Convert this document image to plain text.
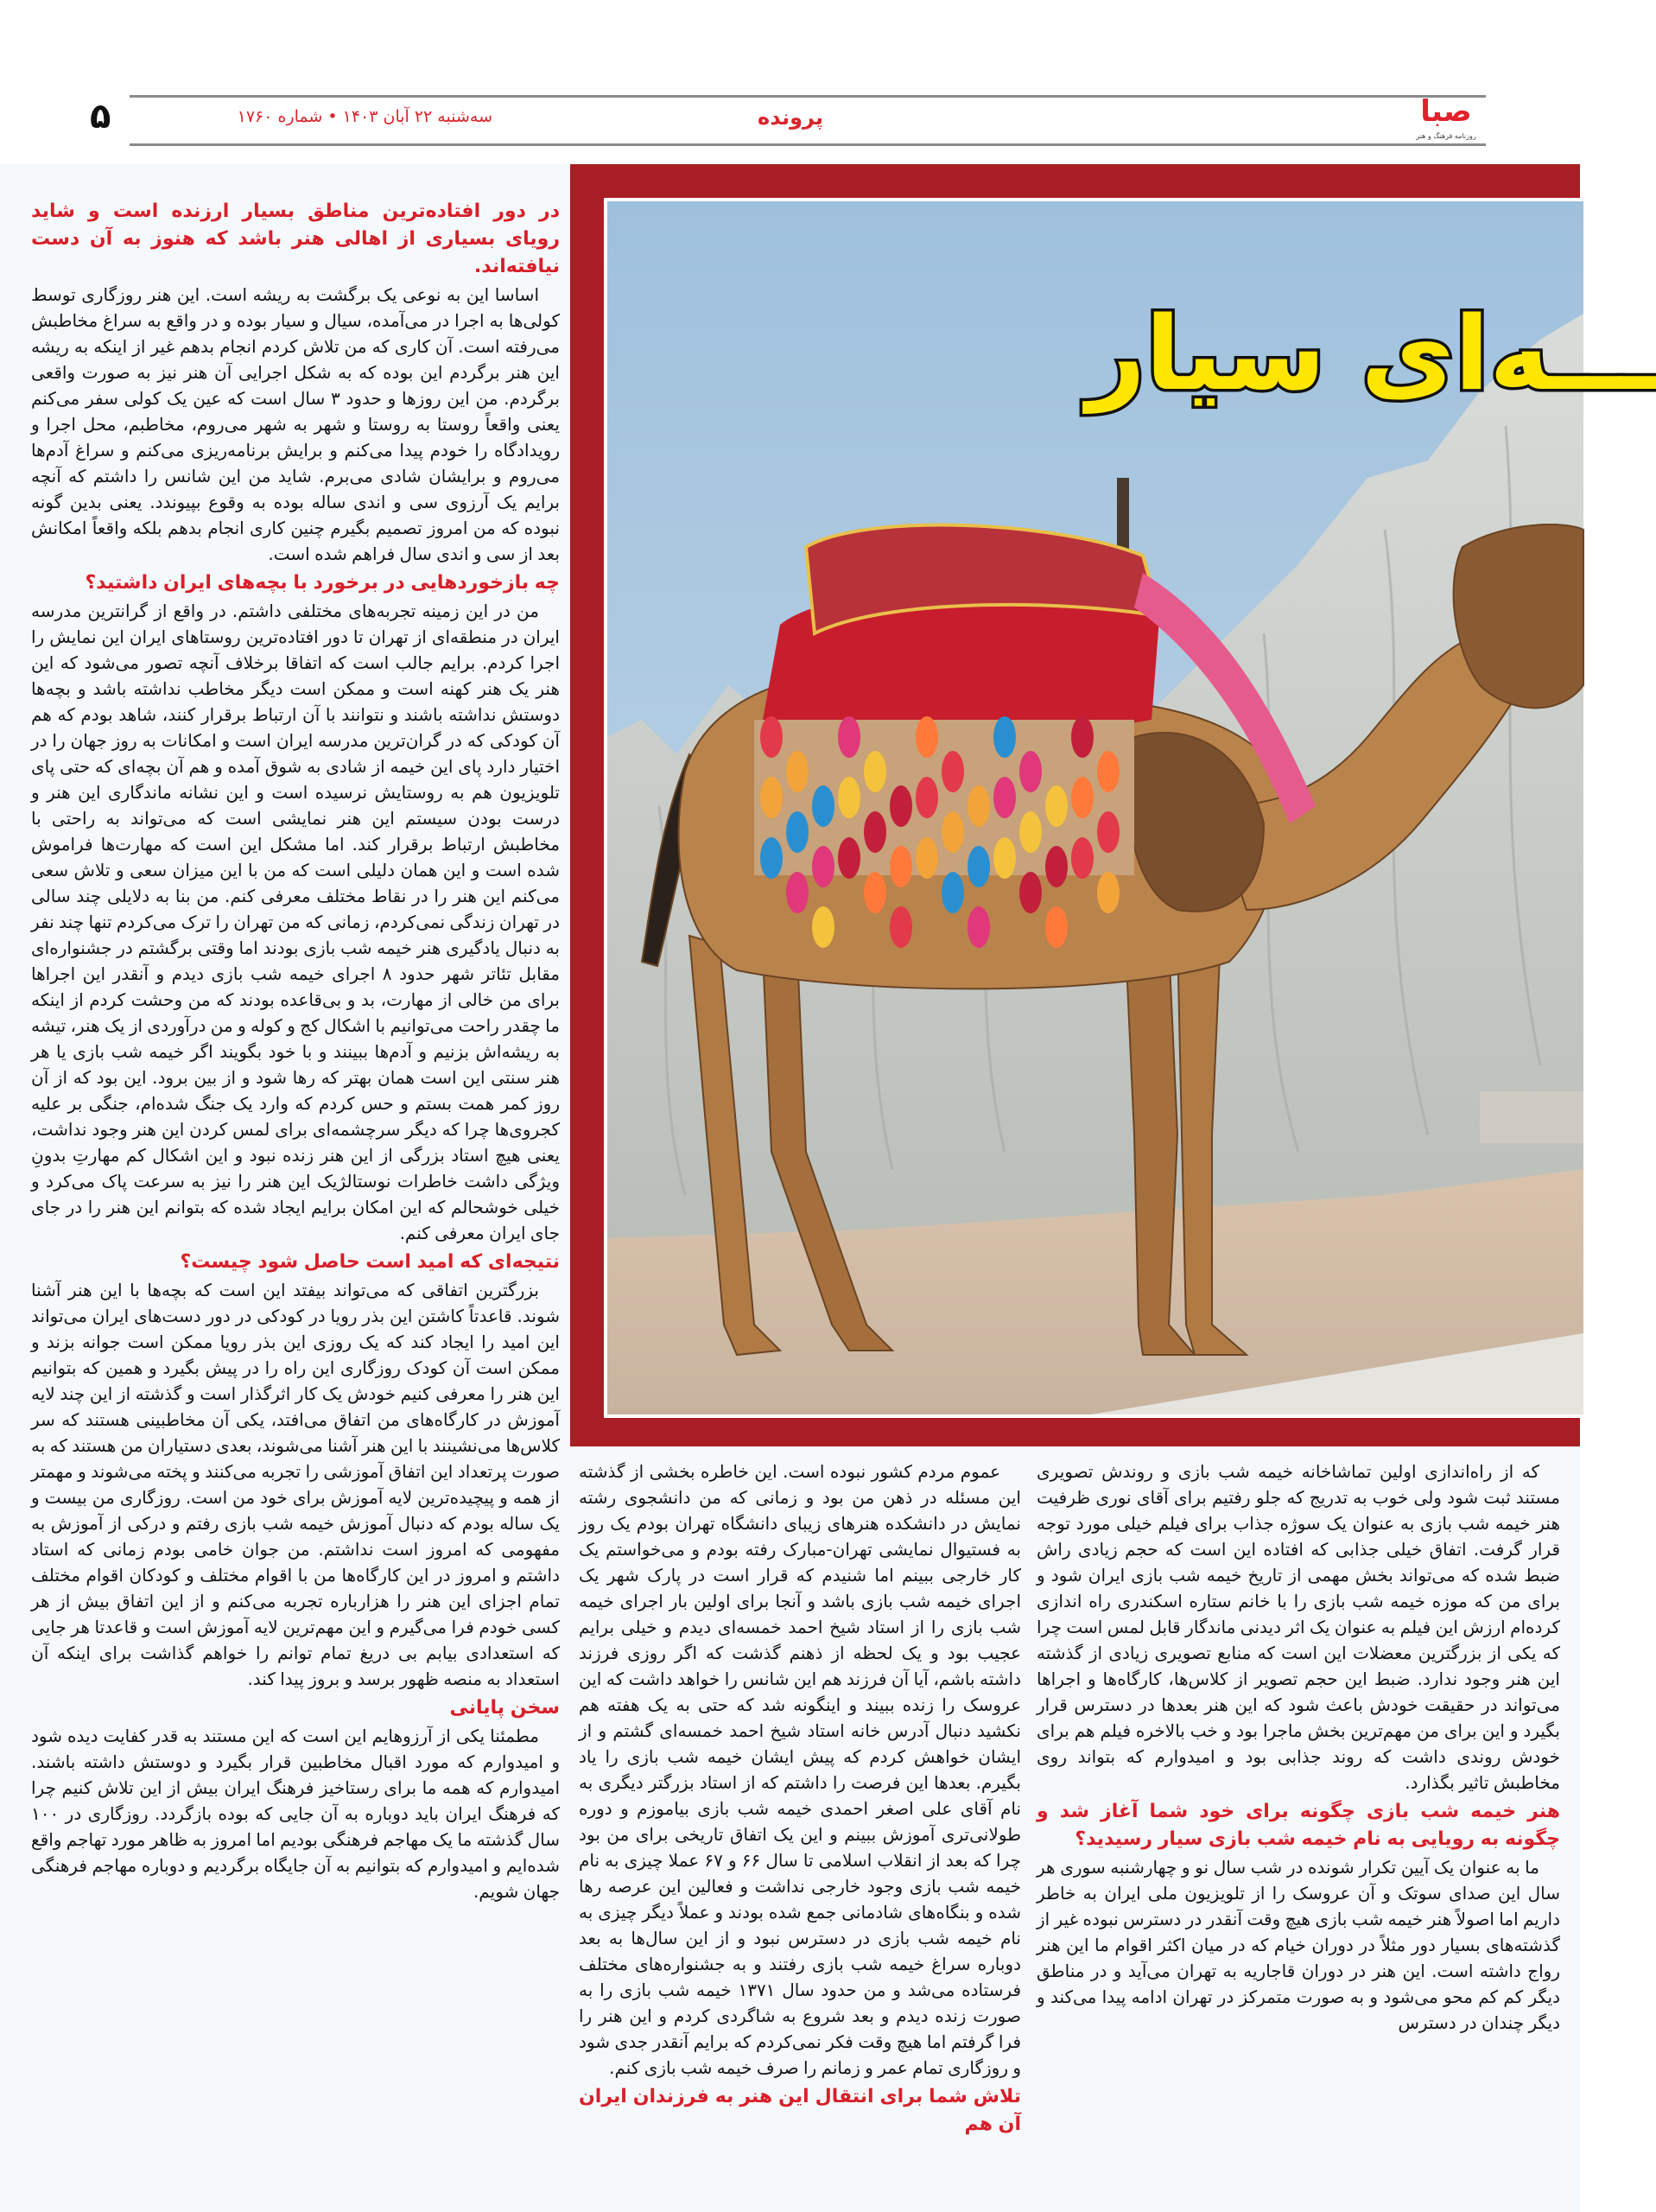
صبا
روزنامه فرهنگ و هنر
پرونده
سه‌شنبه ۲۲ آبان ۱۴۰۳ • شماره ۱۷۶۰
۵
ـــه‌ای سیار
در دور افتاده‌ترین مناطق بسیار ارزنده است و شاید رویای بسیاری از اهالی هنر باشد که هنوز به آن دست نیافته‌اند.

اساسا این به نوعی یک برگشت به ریشه است. این هنر روزگاری توسط کولی‌ها به اجرا در می‌آمده، سیال و سیار بوده و در واقع به سراغ مخاطبش می‌رفته است. آن کاری که من تلاش کردم انجام بدهم غیر از اینکه به ریشه این هنر برگردم این بوده که به شکل اجرایی آن هنر نیز به صورت واقعی برگردم. من این روزها و حدود ۳ سال است که عین یک کولی سفر می‌کنم یعنی واقعاً روستا به روستا و شهر به شهر می‌روم، مخاطبم، محل اجرا و رویدادگاه را خودم پیدا می‌کنم و برایش برنامه‌ریزی می‌کنم و سراغ آدم‌ها می‌روم و برایشان شادی می‌برم. شاید من این شانس را داشتم که آنچه برایم یک آرزوی سی و اندی ساله بوده به وقوع بپیوندد. یعنی بدین گونه نبوده که من امروز تصمیم بگیرم چنین کاری انجام بدهم بلکه واقعاً امکانش بعد از سی و اندی سال فراهم شده است.

چه بازخوردهایی در برخورد با بچه‌های ایران داشتید؟

من در این زمینه تجربه‌های مختلفی داشتم. در واقع از گرانترین مدرسه ایران در منطقه‌ای از تهران تا دور افتاده‌ترین روستاهای ایران این نمایش را اجرا کردم. برایم جالب است که اتفاقا برخلاف آنچه تصور می‌شود که این هنر یک هنر کهنه است و ممکن است دیگر مخاطب نداشته باشد و بچه‌ها دوستش نداشته باشند و نتوانند با آن ارتباط برقرار کنند، شاهد بودم که هم آن کودکی که در گران‌ترین مدرسه ایران است و امکانات به روز جهان را در اختیار دارد پای این خیمه از شادی به شوق آمده و هم آن بچه‌ای که حتی پای تلویزیون هم به روستایش نرسیده است و این نشانه ماندگاری این هنر و درست بودن سیستم این هنر نمایشی است که می‌تواند به راحتی با مخاطبش ارتباط برقرار کند. اما مشکل این است که مهارت‌ها فراموش شده است و این همان دلیلی است که من با این میزان سعی و تلاش سعی می‌کنم این هنر را در نقاط مختلف معرفی کنم. من بنا به دلایلی چند سالی در تهران زندگی نمی‌کردم، زمانی که من تهران را ترک می‌کردم تنها چند نفر به دنبال یادگیری هنر خیمه شب بازی بودند اما وقتی برگشتم در جشنواره‌ای مقابل تئاتر شهر حدود ۸ اجرای خیمه شب بازی دیدم و آنقدر این اجراها برای من خالی از مهارت، بد و بی‌قاعده بودند که من وحشت کردم از اینکه ما چقدر راحت می‌توانیم با اشکال کج و کوله و من درآوردی از یک هنر، تیشه به ریشه‌اش بزنیم و آدم‌ها ببینند و با خود بگویند اگر خیمه شب بازی یا هر هنر سنتی این است همان بهتر که رها شود و از بین برود. این بود که از آن روز کمر همت بستم و حس کردم که وارد یک جنگ شده‌ام، جنگی بر علیه کجروی‌ها چرا که دیگر سرچشمه‌ای برای لمس کردن این هنر وجود نداشت، یعنی هیچ استاد بزرگی از این هنر زنده نبود و این اشکال کم مهارتِ بدونِ ویژگی داشت خاطرات نوستالژیک این هنر را نیز به سرعت پاک می‌کرد و خیلی خوشحالم که این امکان برایم ایجاد شده که بتوانم این هنر را در جای جای ایران معرفی کنم.

نتیجه‌ای که امید است حاصل شود چیست؟

بزرگترین اتفاقی که می‌تواند بیفتد این است که بچه‌ها با این هنر آشنا شوند. قاعدتاً کاشتن این بذر رویا در کودکی در دور دست‌های ایران می‌تواند این امید را ایجاد کند که یک روزی این بذر رویا ممکن است جوانه بزند و ممکن است آن کودک روزگاری این راه را در پیش بگیرد و همین که بتوانیم این هنر را معرفی کنیم خودش یک کار اثرگذار است و گذشته از این چند لایه آموزش در کارگاه‌های من اتفاق می‌افتد، یکی آن مخاطبینی هستند که سر کلاس‌ها می‌نشینند با این هنر آشنا می‌شوند، بعدی دستیاران من هستند که به صورت پرتعداد این اتفاق آموزشی را تجربه می‌کنند و پخته می‌شوند و مهمتر از همه و پیچیده‌ترین لایه آموزش برای خود من است. روزگاری من بیست و یک ساله بودم که دنبال آموزش خیمه شب بازی رفتم و درکی از آموزش به مفهومی که امروز است نداشتم. من جوان خامی بودم زمانی که استاد داشتم و امروز در این کارگاه‌ها من با اقوام مختلف و کودکان اقوام مختلف تمام اجزای این هنر را هزارباره تجربه می‌کنم و از این اتفاق بیش از هر کسی خودم فرا می‌گیرم و این مهم‌ترین لایه آموزش است و قاعدتا هر جایی که استعدادی بیابم بی دریغ تمام توانم را خواهم گذاشت برای اینکه آن استعداد به منصه ظهور برسد و بروز پیدا کند.

سخن پایانی

مطمئنا یکی از آرزوهایم این است که این مستند به قدر کفایت دیده شود و امیدوارم که مورد اقبال مخاطبین قرار بگیرد و دوستش داشته باشند. امیدوارم که همه ما برای رستاخیز فرهنگ ایران بیش از این تلاش کنیم چرا که فرهنگ ایران باید دوباره به آن جایی که بوده بازگردد. روزگاری در ۱۰۰ سال گذشته ما یک مهاجم فرهنگی بودیم اما امروز به ظاهر مورد تهاجم واقع شده‌ایم و امیدوارم که بتوانیم به آن جایگاه برگردیم و دوباره مهاجم فرهنگی جهان شویم.

عموم مردم کشور نبوده است. این خاطره بخشی از گذشته این مسئله در ذهن من بود و زمانی که من دانشجوی رشته نمایش در دانشکده هنرهای زیبای دانشگاه تهران بودم یک روز به فستیوال نمایشی تهران-مبارک رفته بودم و می‌خواستم یک کار خارجی ببینم اما شنیدم که قرار است در پارک شهر یک اجرای خیمه شب بازی باشد و آنجا برای اولین بار اجرای خیمه شب بازی را از استاد شیخ احمد خمسه‌ای دیدم و خیلی برایم عجیب بود و یک لحظه از ذهنم گذشت که اگر روزی فرزند داشته باشم، آیا آن فرزند هم این شانس را خواهد داشت که این عروسک را زنده ببیند و اینگونه شد که حتی به یک هفته هم نکشید دنبال آدرس خانه استاد شیخ احمد خمسه‌ای گشتم و از ایشان خواهش کردم که پیش ایشان خیمه شب بازی را یاد بگیرم. بعدها این فرصت را داشتم که از استاد بزرگتر دیگری به نام آقای علی اصغر احمدی خیمه شب بازی بیاموزم و دوره طولانی‌تری آموزش ببینم و این یک اتفاق تاریخی برای من بود چرا که بعد از انقلاب اسلامی تا سال ۶۶ و ۶۷ عملا چیزی به نام خیمه شب بازی وجود خارجی نداشت و فعالین این عرصه رها شده و بنگاه‌های شادمانی جمع شده بودند و عملاً دیگر چیزی به نام خیمه شب بازی در دسترس نبود و از این سال‌ها به بعد دوباره سراغ خیمه شب بازی رفتند و به جشنواره‌های مختلف فرستاده می‌شد و من حدود سال ۱۳۷۱ خیمه شب بازی را به صورت زنده دیدم و بعد شروع به شاگردی کردم و این هنر را فرا گرفتم اما هیچ وقت فکر نمی‌کردم که برایم آنقدر جدی شود و روزگاری تمام عمر و زمانم را صرف خیمه شب بازی کنم.

تلاش شما برای انتقال این هنر به فرزندان ایران آن هم

که از راه‌اندازی اولین تماشاخانه خیمه شب بازی و روندش تصویری مستند ثبت شود ولی خوب به تدریج که جلو رفتیم برای آقای نوری ظرفیت هنر خیمه شب بازی به عنوان یک سوژه جذاب برای فیلم خیلی مورد توجه قرار گرفت. اتفاق خیلی جذابی که افتاده این است که حجم زیادی راش ضبط شده که می‌تواند بخش مهمی از تاریخ خیمه شب بازی ایران شود و برای من که موزه خیمه شب بازی را با خانم ستاره اسکندری راه اندازی کرده‌ام ارزش این فیلم به عنوان یک اثر دیدنی ماندگار قابل لمس است چرا که یکی از بزرگترین معضلات این است که منابع تصویری زیادی از گذشته این هنر وجود ندارد. ضبط این حجم تصویر از کلاس‌ها، کارگاه‌ها و اجراها می‌تواند در حقیقت خودش باعث شود که این هنر بعدها در دسترس قرار بگیرد و این برای من مهم‌ترین بخش ماجرا بود و خب بالاخره فیلم هم برای خودش روندی داشت که روند جذابی بود و امیدوارم که بتواند روی مخاطبش تاثیر بگذارد.

هنر خیمه شب بازی چگونه برای خود شما آغاز شد و چگونه به رویایی به نام خیمه شب بازی سیار رسیدید؟

ما به عنوان یک آیین تکرار شونده در شب سال نو و چهارشنبه سوری هر سال این صدای سوتک و آن عروسک را از تلویزیون ملی ایران به خاطر داریم اما اصولاً هنر خیمه شب بازی هیچ وقت آنقدر در دسترس نبوده غیر از گذشته‌های بسیار دور مثلاً در دوران خیام که در میان اکثر اقوام ما این هنر رواج داشته است. این هنر در دوران قاجاریه به تهران می‌آید و در مناطق دیگر کم کم محو می‌شود و به صورت متمرکز در تهران ادامه پیدا می‌کند و دیگر چندان در دسترس
